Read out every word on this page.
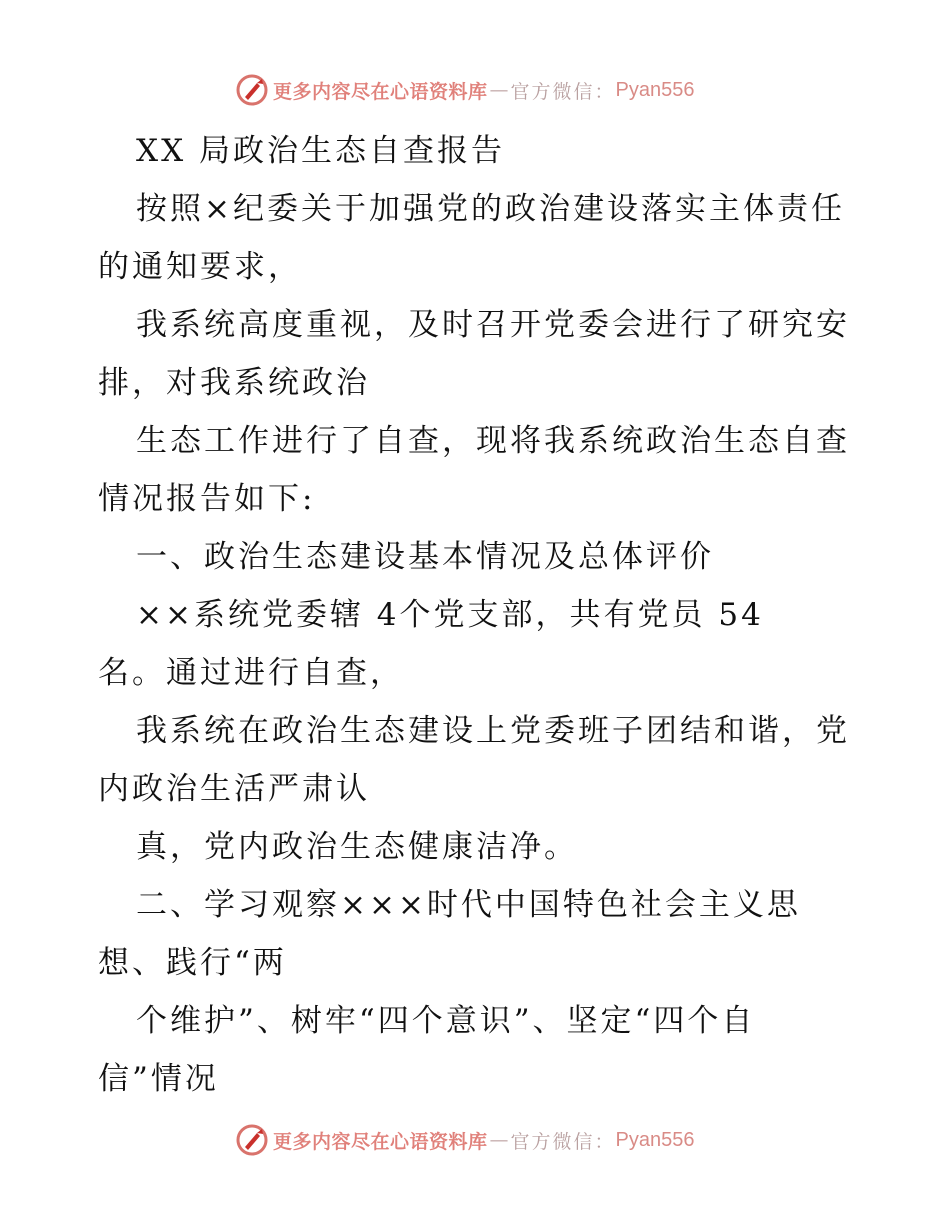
更多内容尽在心语资料库 — 官方微信： Pyan556
XX 局政治生态自查报告
按照×纪委关于加强党的政治建设落实主体责任
的通知要求，
我系统高度重视，及时召开党委会进行了研究安
排，对我系统政治
生态工作进行了自查，现将我系统政治生态自查
情况报告如下:
一、政治生态建设基本情况及总体评价
××系统党委辖 4个党支部，共有党员 54
名。通过进行自查，
我系统在政治生态建设上党委班子团结和谐，党
内政治生活严肃认
真，党内政治生态健康洁净。
二、学习观察×××时代中国特色社会主义思
想、践行“两
个维护”、树牢“四个意识”、坚定“四个自
信”情况
更多内容尽在心语资料库 — 官方微信： Pyan556
